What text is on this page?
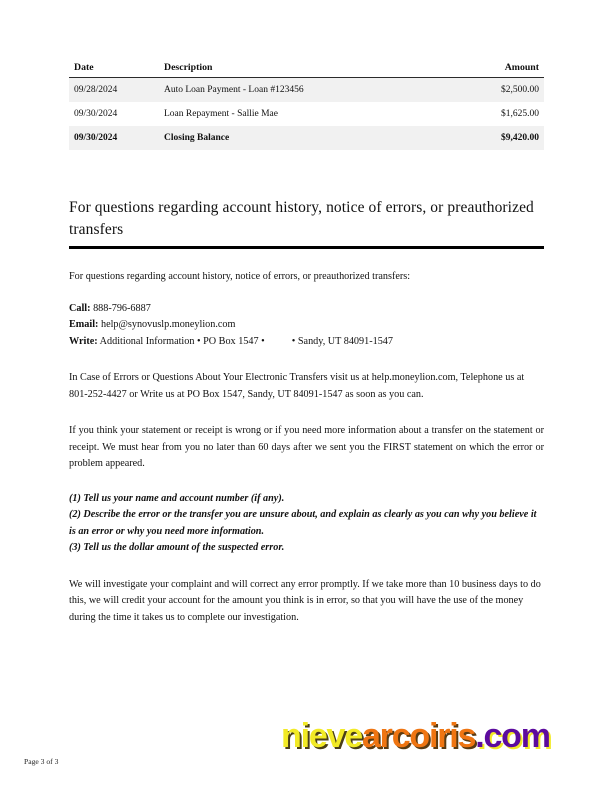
Date	Description	Amount
09/28/2024	Auto Loan Payment - Loan #123456	$2,500.00
09/30/2024	Loan Repayment - Sallie Mae	$1,625.00
09/30/2024	Closing Balance	$9,420.00
For questions regarding account history, notice of errors, or preauthorized transfers

For questions regarding account history, notice of errors, or preauthorized transfers:

Call: 888-796-6887
Email: help@synovuslp.moneylion.com
Write: Additional Information • PO Box 1547 •	• Sandy, UT 84091-1547

In Case of Errors or Questions About Your Electronic Transfers visit us at help.moneylion.com, Telephone us at 801-252-4427 or Write us at PO Box 1547, Sandy, UT 84091-1547 as soon as you can.

If you think your statement or receipt is wrong or if you need more information about a transfer on the statement or receipt. We must hear from you no later than 60 days after we sent you the FIRST statement on which the error or problem appeared.

(1) Tell us your name and account number (if any).

(2) Describe the error or the transfer you are unsure about, and explain as clearly as you can why you believe it is an error or why you need more information.

(3) Tell us the dollar amount of the suspected error.

We will investigate your complaint and will correct any error promptly. If we take more than 10 business days to do this, we will credit your account for the amount you think is in error, so that you will have the use of the money during the time it takes us to complete our investigation.

nievearcoiris.com
Page 3 of 3
